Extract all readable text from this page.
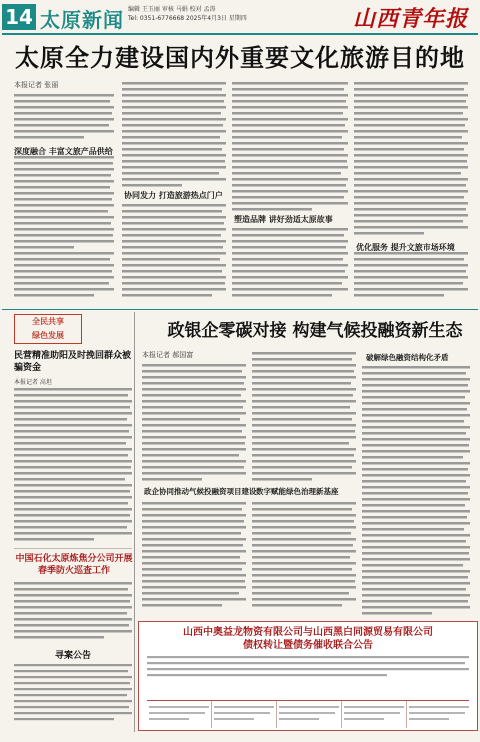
14 太原新闻 编辑 王玉丽 审核 马娟 校对 孟涛
Tel: 0351-6776668 2025年4月3日 星期四	山西青年报
太原全力建设国内外重要文化旅游目的地
本报记者 张丽
深度融合 丰富文旅产品供给
协同发力 打造旅游热点门户
塑造品牌 讲好劲适太原故事
优化服务 提升文旅市场环境
全民共享
绿色发展	政银企零碳对接 构建气候投融资新生态
民营精准助阳及时挽回群众被骗资金
本报记者 高坦
中国石化太原炼焦分公司开展春季防火巡查工作
寻案公告
本报记者 郝国富
政企协同推动气候投融资项目建设 数字赋能绿色治理新基座
破解绿色融资结构化矛盾
山西中奥益龙物资有限公司与山西黑白同源贸易有限公司
债权转让暨债务催收联合公告
